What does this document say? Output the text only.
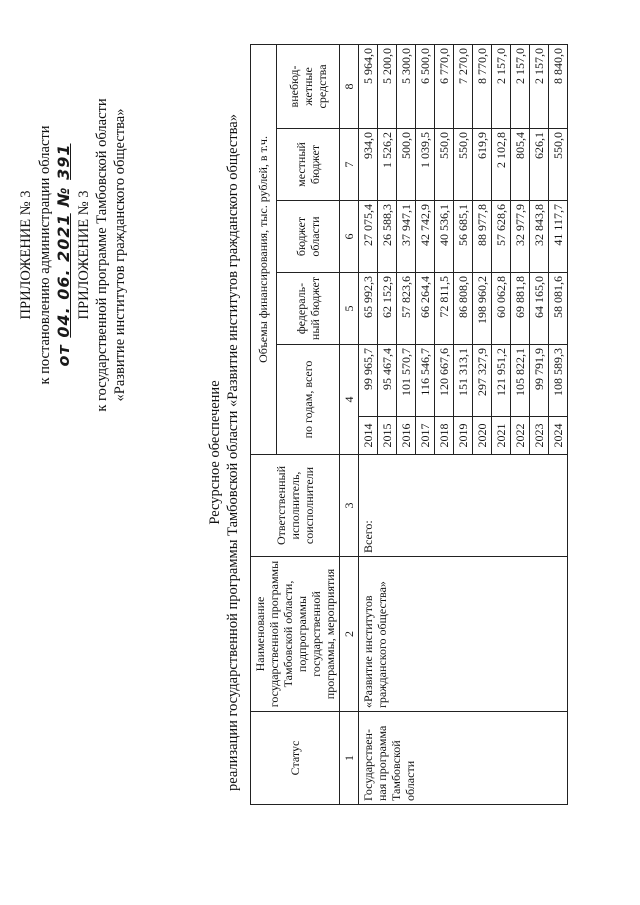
ПРИЛОЖЕНИЕ № 3 к постановлению администрации области от 04. 06. 2021 № 391
ПРИЛОЖЕНИЕ № 3 к государственной программе Тамбовской области «Развитие институтов гражданского общества»
Ресурсное обеспечение реализации государственной программы Тамбовской области «Развитие институтов гражданского общества»	Статус	Наименование государственной программы Тамбовской области, подпрограммы государственной программы, мероприятия	Ответственный исполнитель, соисполнители	Объемы финансирования, тыс. рублей, в т.ч.					
			по годам, всего		федераль- ный бюджет	бюджет области	местный бюджет	внебюд- жетные средства
1	2	3	4		5	6	7	8
Государствен- ная программа Тамбовской области	«Развитие институтов гражданского общества»	Всего:	2014	99 965,7	65 992,3	27 075,4	934,0	5 964,0
			2015	95 467,4	62 152,9	26 588,3	1 526,2	5 200,0
			2016	101 570,7	57 823,6	37 947,1	500,0	5 300,0
			2017	116 546,7	66 264,4	42 742,9	1 039,5	6 500,0
			2018	120 667,6	72 811,5	40 536,1	550,0	6 770,0
			2019	151 313,1	86 808,0	56 685,1	550,0	7 270,0
			2020	297 327,9	198 960,2	88 977,8	619,9	8 770,0
			2021	121 951,2	60 062,8	57 628,6	2 102,8	2 157,0
			2022	105 822,1	69 881,8	32 977,9	805,4	2 157,0
			2023	99 791,9	64 165,0	32 843,8	626,1	2 157,0
			2024	108 589,3	58 081,6	41 117,7	550,0	8 840,0
